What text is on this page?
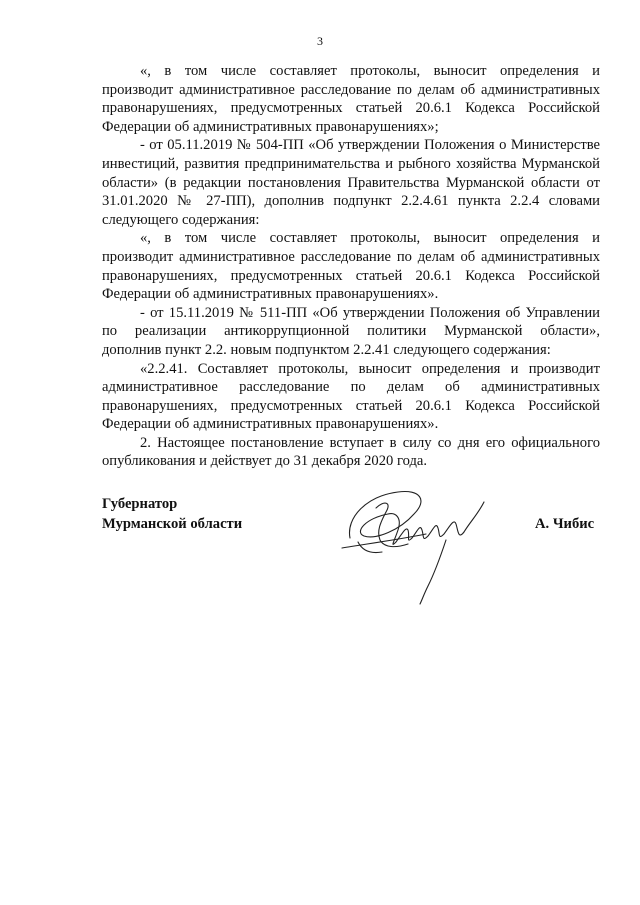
3
«, в том числе составляет протоколы, выносит определения и
производит административное расследование по делам об административных
правонарушениях, предусмотренных статьей 20.6.1 Кодекса Российской
Федерации об административных правонарушениях»;
- от 05.11.2019 № 504-ПП «Об утверждении Положения о Министерстве
инвестиций, развития предпринимательства и рыбного хозяйства Мурманской
области» (в редакции постановления Правительства Мурманской области от
31.01.2020 № 27-ПП), дополнив подпункт 2.2.4.61 пункта 2.2.4 словами
следующего содержания:
«, в том числе составляет протоколы, выносит определения и
производит административное расследование по делам об административных
правонарушениях, предусмотренных статьей 20.6.1 Кодекса Российской
Федерации об административных правонарушениях».
- от 15.11.2019 № 511-ПП «Об утверждении Положения об Управлении
по реализации антикоррупционной политики Мурманской области»,
дополнив пункт 2.2. новым подпунктом 2.2.41 следующего содержания:
«2.2.41. Составляет протоколы, выносит определения и производит
административное расследование по делам об административных
правонарушениях, предусмотренных статьей 20.6.1 Кодекса Российской
Федерации об административных правонарушениях».
2. Настоящее постановление вступает в силу со дня его официального
опубликования и действует до 31 декабря 2020 года.
Губернатор
Мурманской области	А. Чибис
